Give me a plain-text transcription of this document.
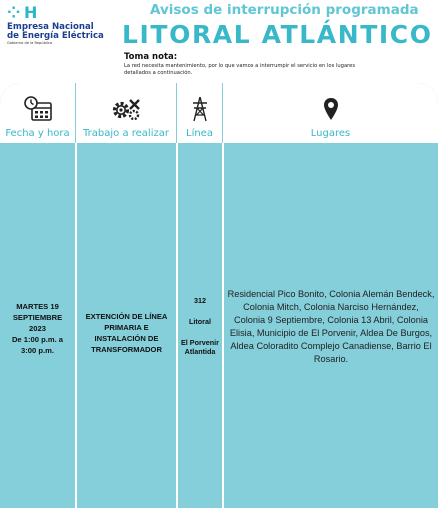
⁘ H
Empresa Nacional
de Energía Eléctrica
Gobierno de la República
Avisos de interrupción programada
LITORAL ATLÁNTICO
Toma nota:
La red necesita mantenimiento, por lo que vamos a interrumpir el servicio en los lugares detallados a continuación.
Fecha y hora Trabajo a realizar Línea	Lugares
MARTES 19
SEPTIEMBRE
2023
De 1:00 p.m. a
3:00 p.m.
EXTENCIÓN DE LÍNEA PRIMARIA E INSTALACIÓN DE TRANSFORMADOR
312
Litoral
El Porvenir Atlantida
Residencial Pico Bonito, Colonia Alemán Bendeck, Colonia Mitch, Colonia Narciso Hernández, Colonia 9 Septiembre, Colonia 13 Abril, Colonia Elisia, Municipio de El Porvenir, Aldea De Burgos, Aldea Coloradito Complejo Canadiense, Barrio El Rosario.
